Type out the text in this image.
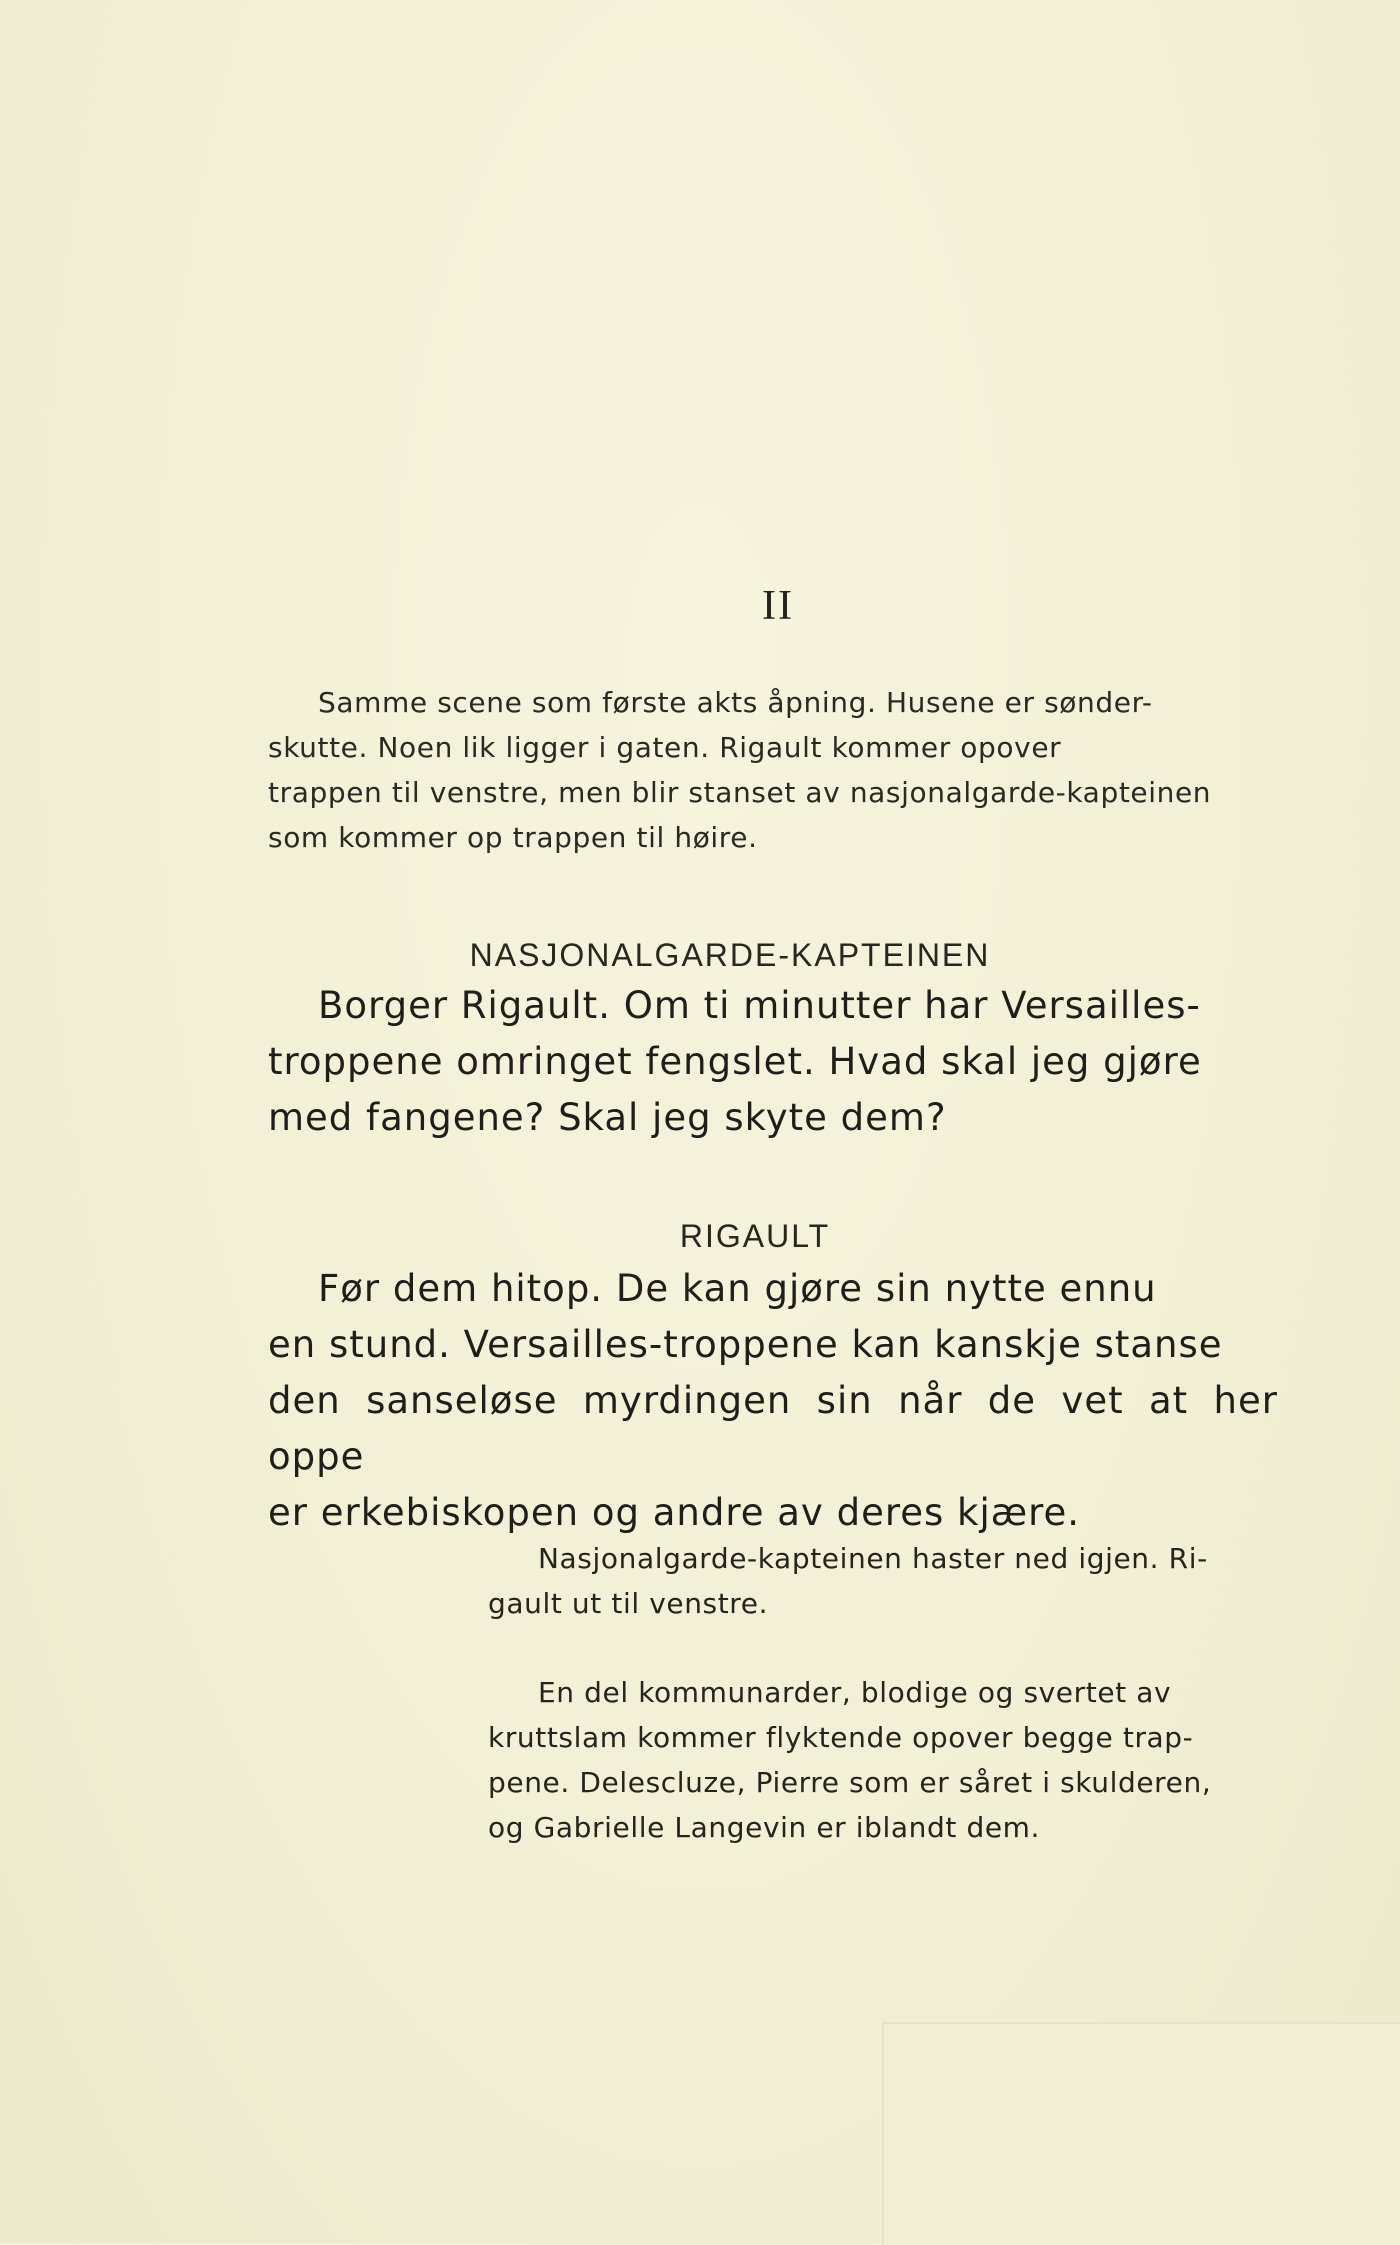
II
Samme scene som første akts åpning. Husene er sønder-
skutte. Noen lik ligger i gaten. Rigault kommer opover
trappen til venstre, men blir stanset av nasjonalgarde-kapteinen
som kommer op trappen til høire.
NASJONALGARDE-KAPTEINEN
Borger Rigault. Om ti minutter har Versailles-
troppene omringet fengslet. Hvad skal jeg gjøre
med fangene? Skal jeg skyte dem?
RIGAULT
Før dem hitop. De kan gjøre sin nytte ennu
en stund. Versailles-troppene kan kanskje stanse
den sanseløse myrdingen sin når de vet at her oppe
er erkebiskopen og andre av deres kjære.
Nasjonalgarde-kapteinen haster ned igjen. Ri-
gault ut til venstre.
En del kommunarder, blodige og svertet av
kruttslam kommer flyktende opover begge trap-
pene. Delescluze, Pierre som er såret i skulderen,
og Gabrielle Langevin er iblandt dem.
